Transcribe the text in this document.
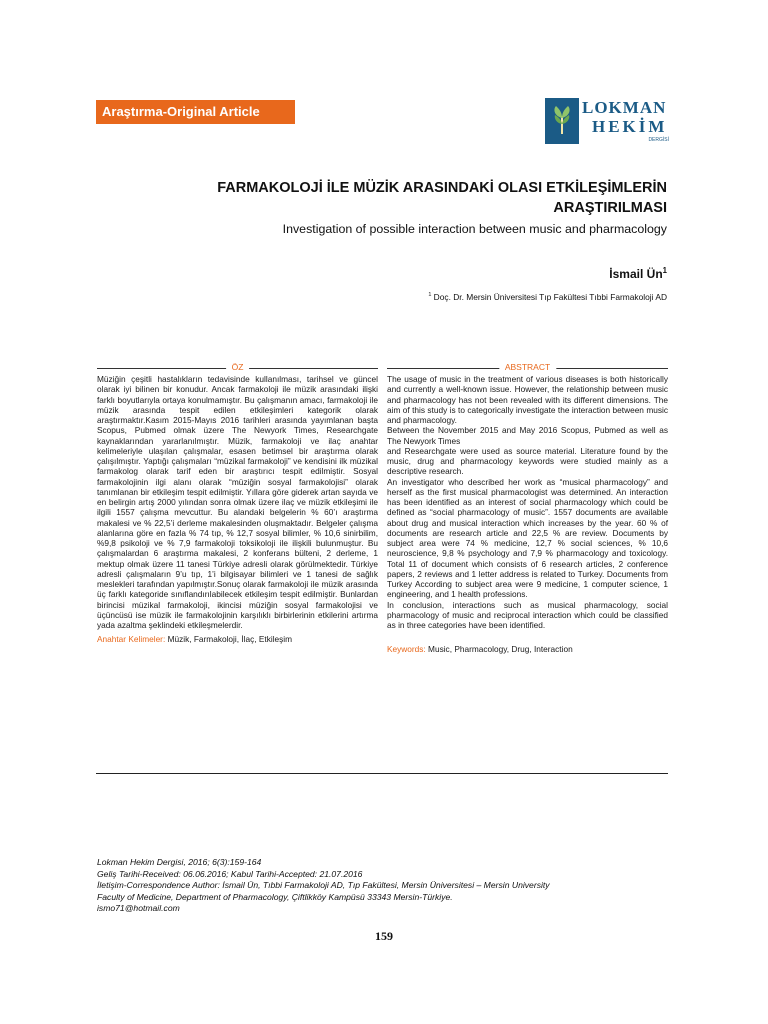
Araştırma-Original Article	LOKMAN
HEKİM
DERGİSİ
FARMAKOLOJİ İLE MÜZİK ARASINDAKİ OLASI ETKİLEŞİMLERİN
ARAŞTIRILMASI
Investigation of possible interaction between music and pharmacology
İsmail $Ün^1$
$^1$ Doç. Dr. Mersin Üniversitesi Tıp Fakültesi Tıbbi Farmakoloji AD
ÖZ

Müziğin çeşitli hastalıkların tedavisinde kullanılması, tarihsel ve güncel olarak iyi bilinen bir konudur. Ancak farmakoloji ile müzik arasındaki ilişki farklı boyutlarıyla ortaya konulmamıştır. Bu çalışmanın amacı, farmakoloji ile müzik arasında tespit edilen etkileşimleri kategorik olarak araştırmaktır.Kasım 2015-Mayıs 2016 tarihleri arasında yayımlanan başta Scopus, Pubmed olmak üzere The Newyork Times, Researchgate kaynaklarından yararlanılmıştır. Müzik, farmakoloji ve ilaç anahtar kelimeleriyle ulaşılan çalışmalar, esasen betimsel bir araştırma olarak çalışılmıştır. Yaptığı çalışmaları “müzikal farmakoloji” ve kendisini ilk müzikal farmakolog olarak tarif eden bir araştırıcı tespit edilmiştir. Sosyal farmakolojinin ilgi alanı olarak “müziğin sosyal farmakolojisi” olarak tanımlanan bir etkileşim tespit edilmiştir. Yıllara göre giderek artan sayıda ve en belirgin artış 2000 yılından sonra olmak üzere ilaç ve müzik etkileşimi ile ilgili 1557 çalışma mevcuttur. Bu alandaki belgelerin % 60’ı araştırma makalesi ve % 22,5’i derleme makalesinden oluşmaktadır. Belgeler çalışma alanlarına göre en fazla % 74 tıp, % 12,7 sosyal bilimler, % 10,6 sinirbilim, %9,8 psikoloji ve % 7,9 farmakoloji toksikoloji ile ilişkili bulunmuştur. Bu çalışmalardan 6 araştırma makalesi, 2 konferans bülteni, 2 derleme, 1 mektup olmak üzere 11 tanesi Türkiye adresli olarak görülmektedir. Türkiye adresli çalışmaların 9’u tıp, 1’i bilgisayar bilimleri ve 1 tanesi de sağlık meslekleri tarafından yapılmıştır.Sonuç olarak farmakoloji ile müzik arasında üç farklı kategoride sınıflandırılabilecek etkileşim tespit edilmiştir. Bunlardan birincisi müzikal farmakoloji, ikincisi müziğin sosyal farmakolojisi ve üçüncüsü ise müzik ile farmakolojinin karşılıklı birbirlerinin etkilerini artırma yada azaltma şeklindeki etkileşmelerdir.

Anahtar Kelimeler: Müzik, Farmakoloji, İlaç, Etkileşim
ABSTRACT

The usage of music in the treatment of various diseases is both historically and currently a well-known issue. However, the relationship between music and pharmacology has not been revealed with its different dimensions. The aim of this study is to categorically investigate the interaction between music and pharmacology.

Between the November 2015 and May 2016 Scopus, Pubmed as well as The Newyork Times

and Researchgate were used as source material. Literature found by the music, drug and pharmacology keywords were studied mainly as a descriptive research.

An investigator who described her work as “musical pharmacology” and herself as the first musical pharmacologist was determined. An interaction has been identified as an interest of social pharmacology which could be defined as “social pharmacology of music”. 1557 documents are available about drug and musical interaction which increases by the year. 60 % of documents are research article and 22,5 % are review. Documents by subject area were 74 % medicine, 12,7 % social sciences, % 10,6 neuroscience, 9,8 % psychology and 7,9 % pharmacology and toxicology. Total 11 of document which consists of 6 research articles, 2 conference papers, 2 reviews and 1 letter address is related to Turkey. Documents from Turkey According to subject area were 9 medicine, 1 computer science, 1 engineering, and 1 health professions.

In conclusion, interactions such as musical pharmacology, social pharmacology of music and reciprocal interaction which could be classified as in three categories have been identified.

Keywords: Music, Pharmacology, Drug, Interaction
Lokman Hekim Dergisi, 2016; 6(3):159-164
Geliş Tarihi-Received: 06.06.2016; Kabul Tarihi-Accepted: 21.07.2016
İletişim-Correspondence Author: İsmail Ün, Tıbbi Farmakoloji AD, Tıp Fakültesi, Mersin Üniversitesi – Mersin University
Faculty of Medicine, Department of Pharmacology, Çiftlikköy Kampüsü 33343 Mersin-Türkiye.
ismo71@hotmail.com
159
